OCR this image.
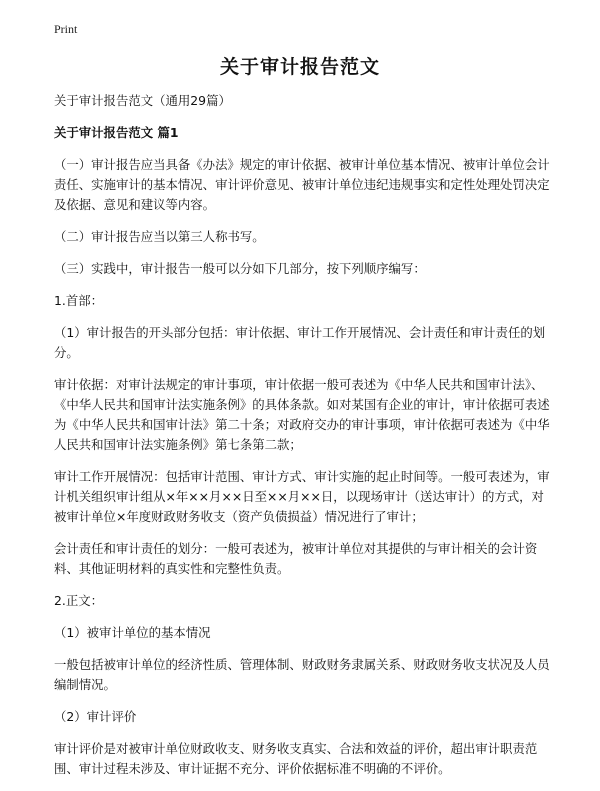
Print
关于审计报告范文

关于审计报告范文（通用29篇）

关于审计报告范文 篇1

（一）审计报告应当具备《办法》规定的审计依据、被审计单位基本情况、被审计单位会计责任、实施审计的基本情况、审计评价意见、被审计单位违纪违规事实和定性处理处罚决定及依据、意见和建议等内容。

（二）审计报告应当以第三人称书写。

（三）实践中，审计报告一般可以分如下几部分，按下列顺序编写：

1.首部：

（1）审计报告的开头部分包括：审计依据、审计工作开展情况、会计责任和审计责任的划分。

审计依据：对审计法规定的审计事项，审计依据一般可表述为《中华人民共和国审计法》、《中华人民共和国审计法实施条例》的具体条款。如对某国有企业的审计，审计依据可表述为《中华人民共和国审计法》第二十条；对政府交办的审计事项，审计依据可表述为《中华人民共和国审计法实施条例》第七条第二款；

审计工作开展情况：包括审计范围、审计方式、审计实施的起止时间等。一般可表述为，审计机关组织审计组从×年××月××日至××月××日，以现场审计（送达审计）的方式，对被审计单位×年度财政财务收支（资产负债损益）情况进行了审计；

会计责任和审计责任的划分：一般可表述为，被审计单位对其提供的与审计相关的会计资料、其他证明材料的真实性和完整性负责。

2.正文：

（1）被审计单位的基本情况

一般包括被审计单位的经济性质、管理体制、财政财务隶属关系、财政财务收支状况及人员编制情况。

（2）审计评价

审计评价是对被审计单位财政收支、财务收支真实、合法和效益的评价，超出审计职责范围、审计过程未涉及、审计证据不充分、评价依据标准不明确的不评价。
